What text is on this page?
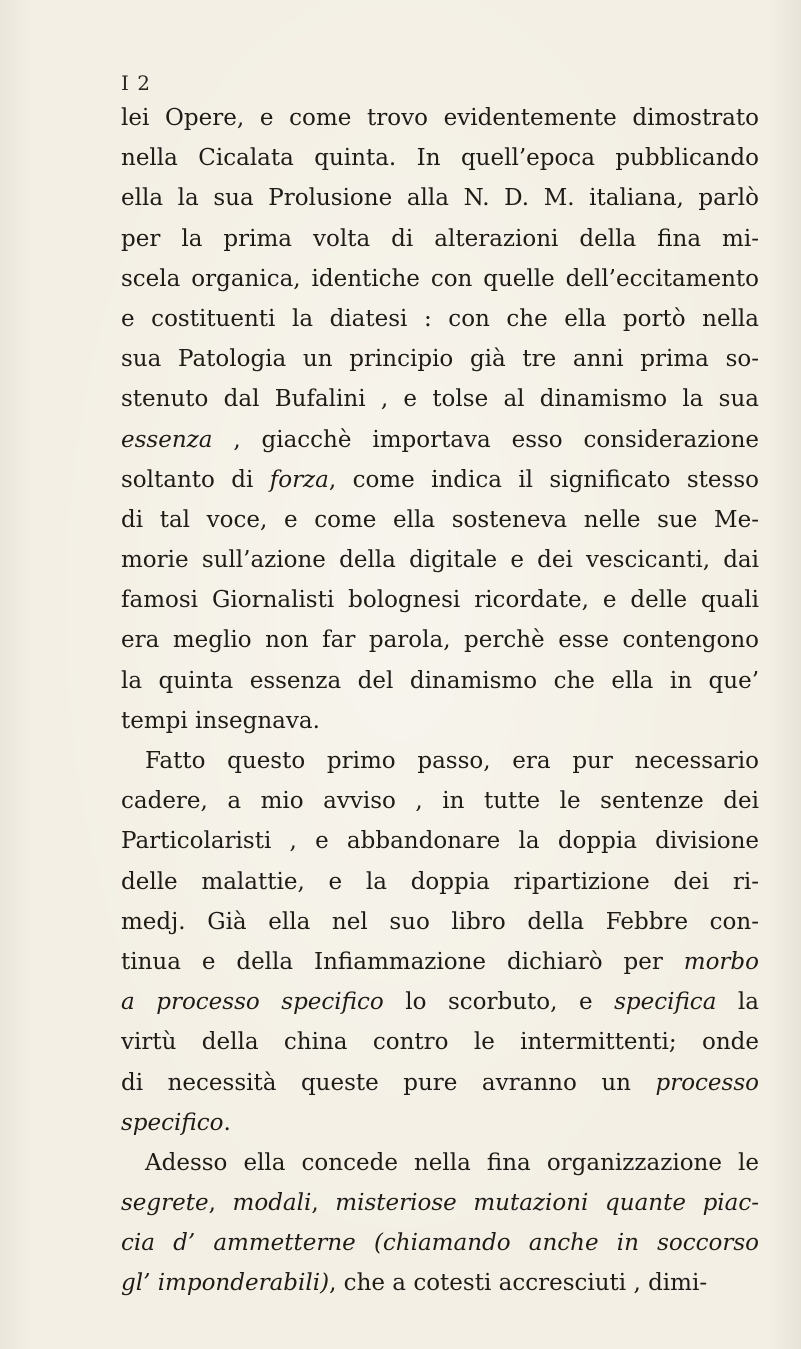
I 2
lei Opere, e come trovo evidentemente dimostrato
nella Cicalata quinta. In quell’epoca pubblicando
ella la sua Prolusione alla N. D. M. italiana, parlò
per la prima volta di alterazioni della fina mi-
scela organica, identiche con quelle dell’eccitamento
e costituenti la diatesi : con che ella portò nella
sua Patologia un principio già tre anni prima so-
stenuto dal Bufalini , e tolse al dinamismo la sua
essenza , giacchè importava esso considerazione
soltanto di forza, come indica il significato stesso
di tal voce, e come ella sosteneva nelle sue Me-
morie sull’azione della digitale e dei vescicanti, dai
famosi Giornalisti bolognesi ricordate, e delle quali
era meglio non far parola, perchè esse contengono
la quinta essenza del dinamismo che ella in que’
tempi insegnava.
Fatto questo primo passo, era pur necessario
cadere, a mio avviso , in tutte le sentenze dei
Particolaristi , e abbandonare la doppia divisione
delle malattie, e la doppia ripartizione dei ri-
medj. Già ella nel suo libro della Febbre con-
tinua e della Infiammazione dichiarò per morbo
a processo specifico lo scorbuto, e specifica la
virtù della china contro le intermittenti; onde
di necessità queste pure avranno un processo
specifico.
Adesso ella concede nella fina organizzazione le
segrete, modali, misteriose mutazioni quante piac-
cia d’ ammetterne (chiamando anche in soccorso
gl’ imponderabili), che a cotesti accresciuti , dimi-
